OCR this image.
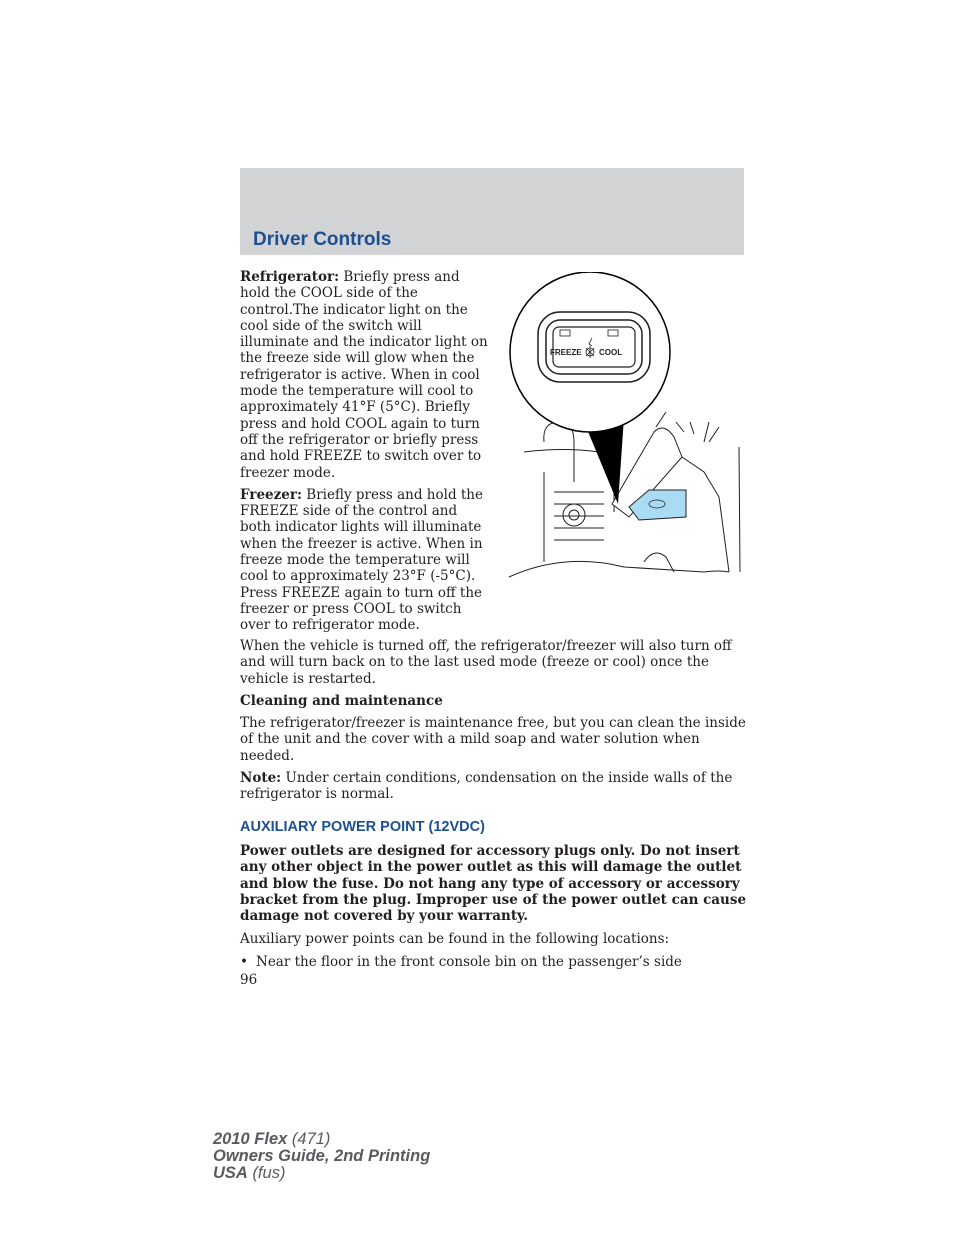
Driver Controls

Refrigerator: Briefly press and hold the COOL side of the control.The indicator light on the cool side of the switch will illuminate and the indicator light on the freeze side will glow when the refrigerator is active. When in cool mode the temperature will cool to approximately 41°F (5°C). Briefly press and hold COOL again to turn off the refrigerator or briefly press and hold FREEZE to switch over to freezer mode.

Freezer: Briefly press and hold the FREEZE side of the control and both indicator lights will illuminate when the freezer is active. When in freeze mode the temperature will cool to approximately 23°F (-5°C). Press FREEZE again to turn off the freezer or press COOL to switch over to refrigerator mode.

FREEZE COOL

When the vehicle is turned off, the refrigerator/freezer will also turn off and will turn back on to the last used mode (freeze or cool) once the vehicle is restarted.

Cleaning and maintenance

The refrigerator/freezer is maintenance free, but you can clean the inside of the unit and the cover with a mild soap and water solution when needed.

Note: Under certain conditions, condensation on the inside walls of the refrigerator is normal.

AUXILIARY POWER POINT (12VDC)

Power outlets are designed for accessory plugs only. Do not insert any other object in the power outlet as this will damage the outlet and blow the fuse. Do not hang any type of accessory or accessory bracket from the plug. Improper use of the power outlet can cause damage not covered by your warranty.

Auxiliary power points can be found in the following locations:

• Near the floor in the front console bin on the passenger’s side

96

2010 Flex (471)
Owners Guide, 2nd Printing
USA (fus)
